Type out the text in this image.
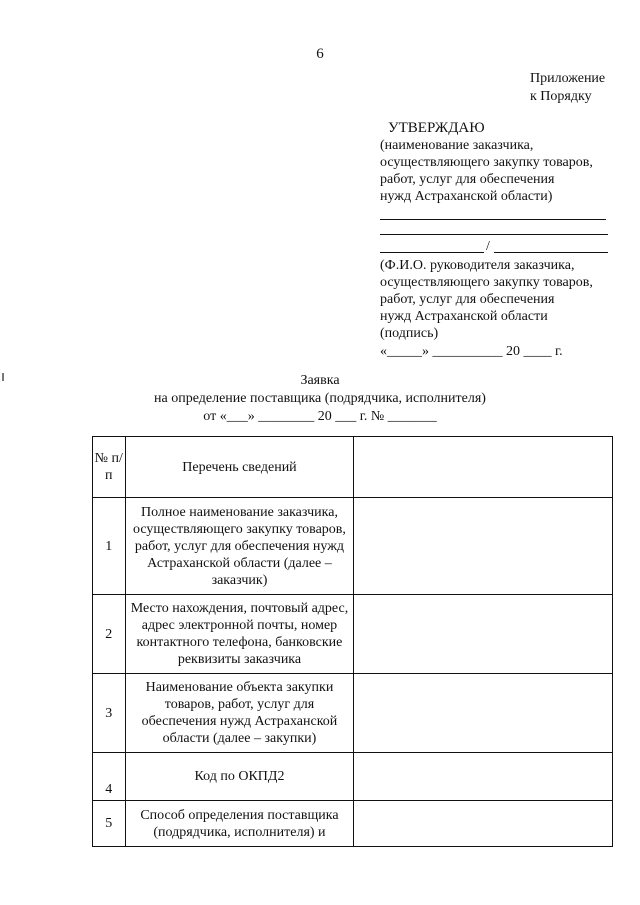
6
Приложение
к Порядку
УТВЕРЖДАЮ
(наименование заказчика,
осуществляющего закупку товаров,
работ, услуг для обеспечения
нужд Астраханской области)
/
(Ф.И.О. руководителя заказчика,
осуществляющего закупку товаров,
работ, услуг для обеспечения
нужд Астраханской области
(подпись)
«_____» __________ 20 ____ г.
Заявка
на определение поставщика (подрядчика, исполнителя)
от «___» ________ 20 ___ г. № _______
№ п/п	Перечень сведений	
1	Полное наименование заказчика, осуществляющего закупку товаров, работ, услуг для обеспечения нужд Астраханской области (далее – заказчик)	
2	Место нахождения, почтовый адрес, адрес электронной почты, номер контактного телефона, банковские реквизиты заказчика	
3	Наименование объекта закупки товаров, работ, услуг для обеспечения нужд Астраханской области (далее – закупки)	
4	Код по ОКПД2	
5	Способ определения поставщика (подрядчика, исполнителя) и	
